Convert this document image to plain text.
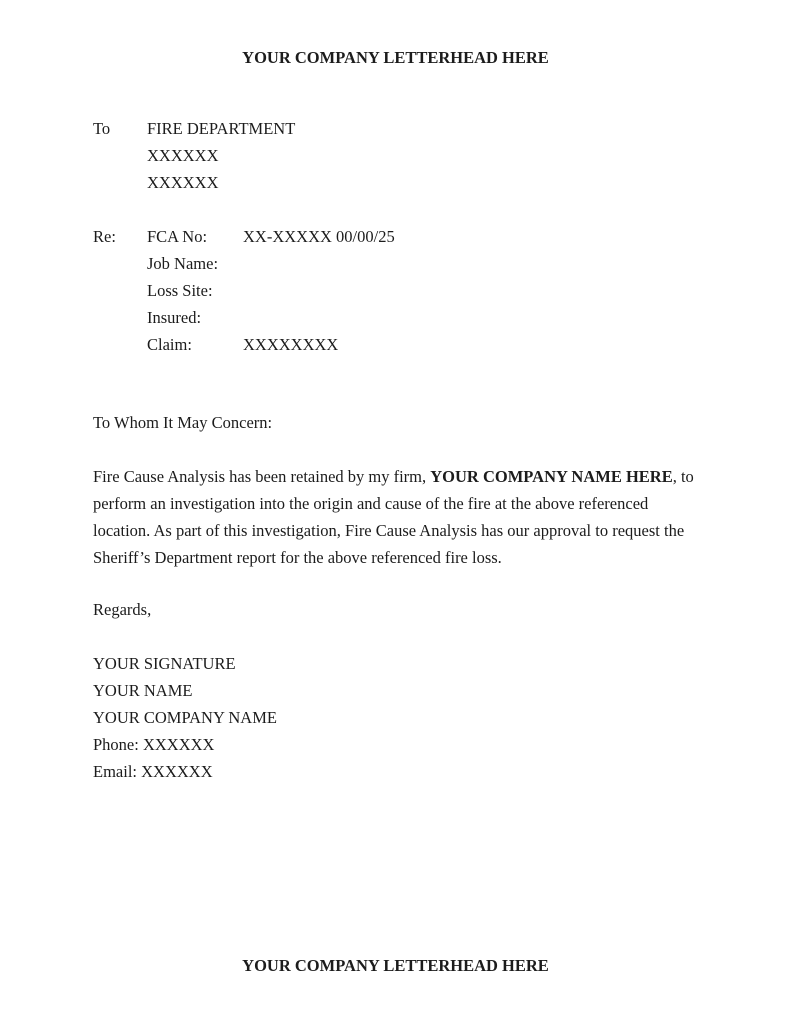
YOUR COMPANY LETTERHEAD HERE
To	FIRE DEPARTMENT
XXXXXX
XXXXXX
Re:	FCA No:	XX-XXXXX 00/00/25
Job Name:
Loss Site:
Insured:
Claim:	XXXXXXXX
To Whom It May Concern:

Fire Cause Analysis has been retained by my firm, YOUR COMPANY NAME HERE, to perform an investigation into the origin and cause of the fire at the above referenced location. As part of this investigation, Fire Cause Analysis has our approval to request the Sheriff’s Department report for the above referenced fire loss.

Regards,
YOUR SIGNATURE
YOUR NAME
YOUR COMPANY NAME
Phone: XXXXXX
Email: XXXXXX
YOUR COMPANY LETTERHEAD HERE
